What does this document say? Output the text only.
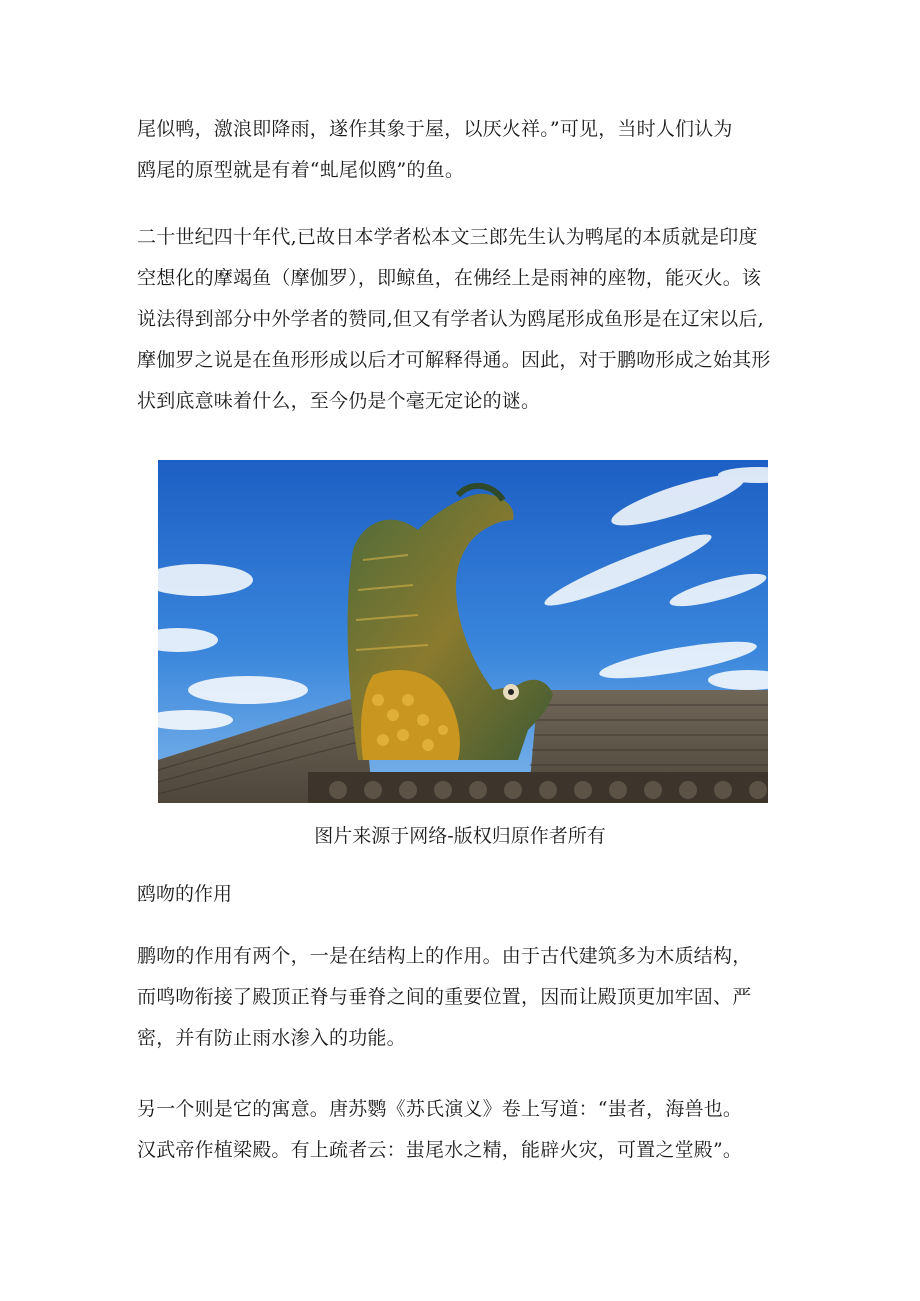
尾似鸭，激浪即降雨，遂作其象于屋，以厌火祥。”可见，当时人们认为
鸥尾的原型就是有着“虬尾似鸥”的鱼。

二十世纪四十年代,已故日本学者松本文三郎先生认为鸭尾的本质就是印度
空想化的摩竭鱼（摩伽罗），即鲸鱼，在佛经上是雨神的座物，能灭火。该
说法得到部分中外学者的赞同,但又有学者认为鸥尾形成鱼形是在辽宋以后,
摩伽罗之说是在鱼形形成以后才可解释得通。因此，对于鹏吻形成之始其形
状到底意味着什么，至今仍是个毫无定论的谜。

图片来源于网络-版权归原作者所有

鸥吻的作用

鹏吻的作用有两个，一是在结构上的作用。由于古代建筑多为木质结构，
而鸣吻衔接了殿顶正脊与垂脊之间的重要位置，因而让殿顶更加牢固、严
密，并有防止雨水渗入的功能。

另一个则是它的寓意。唐苏鹦《苏氏演义》卷上写道：“蚩者，海兽也。
汉武帝作植梁殿。有上疏者云：蚩尾水之精，能辟火灾，可置之堂殿”。
